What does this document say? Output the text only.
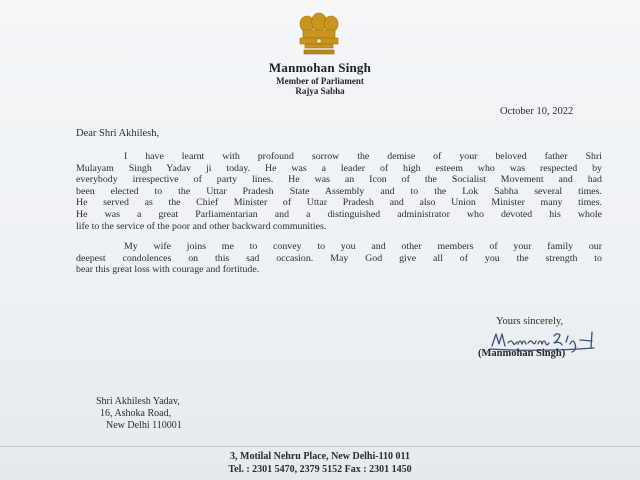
Manmohan Singh
Member of Parliament
Rajya Sabha
October 10, 2022
Dear Shri Akhilesh,
I have learnt with profound sorrow the demise of your beloved father Shri
Mulayam Singh Yadav ji today. He was a leader of high esteem who was respected by
everybody irrespective of party lines. He was an Icon of the Socialist Movement and had
been elected to the Uttar Pradesh State Assembly and to the Lok Sabha several times.
He served as the Chief Minister of Uttar Pradesh and also Union Minister many times.
He was a great Parliamentarian and a distinguished administrator who devoted his whole
life to the service of the poor and other backward communities.
My wife joins me to convey to you and other members of your family our
deepest condolences on this sad occasion. May God give all of you the strength to
bear this great loss with courage and fortitude.
Yours sincerely,
(Manmohan Singh)
Shri Akhilesh Yadav,
16, Ashoka Road,
New Delhi 110001
3, Motilal Nehru Place, New Delhi-110 011
Tel. : 2301 5470, 2379 5152 Fax : 2301 1450
